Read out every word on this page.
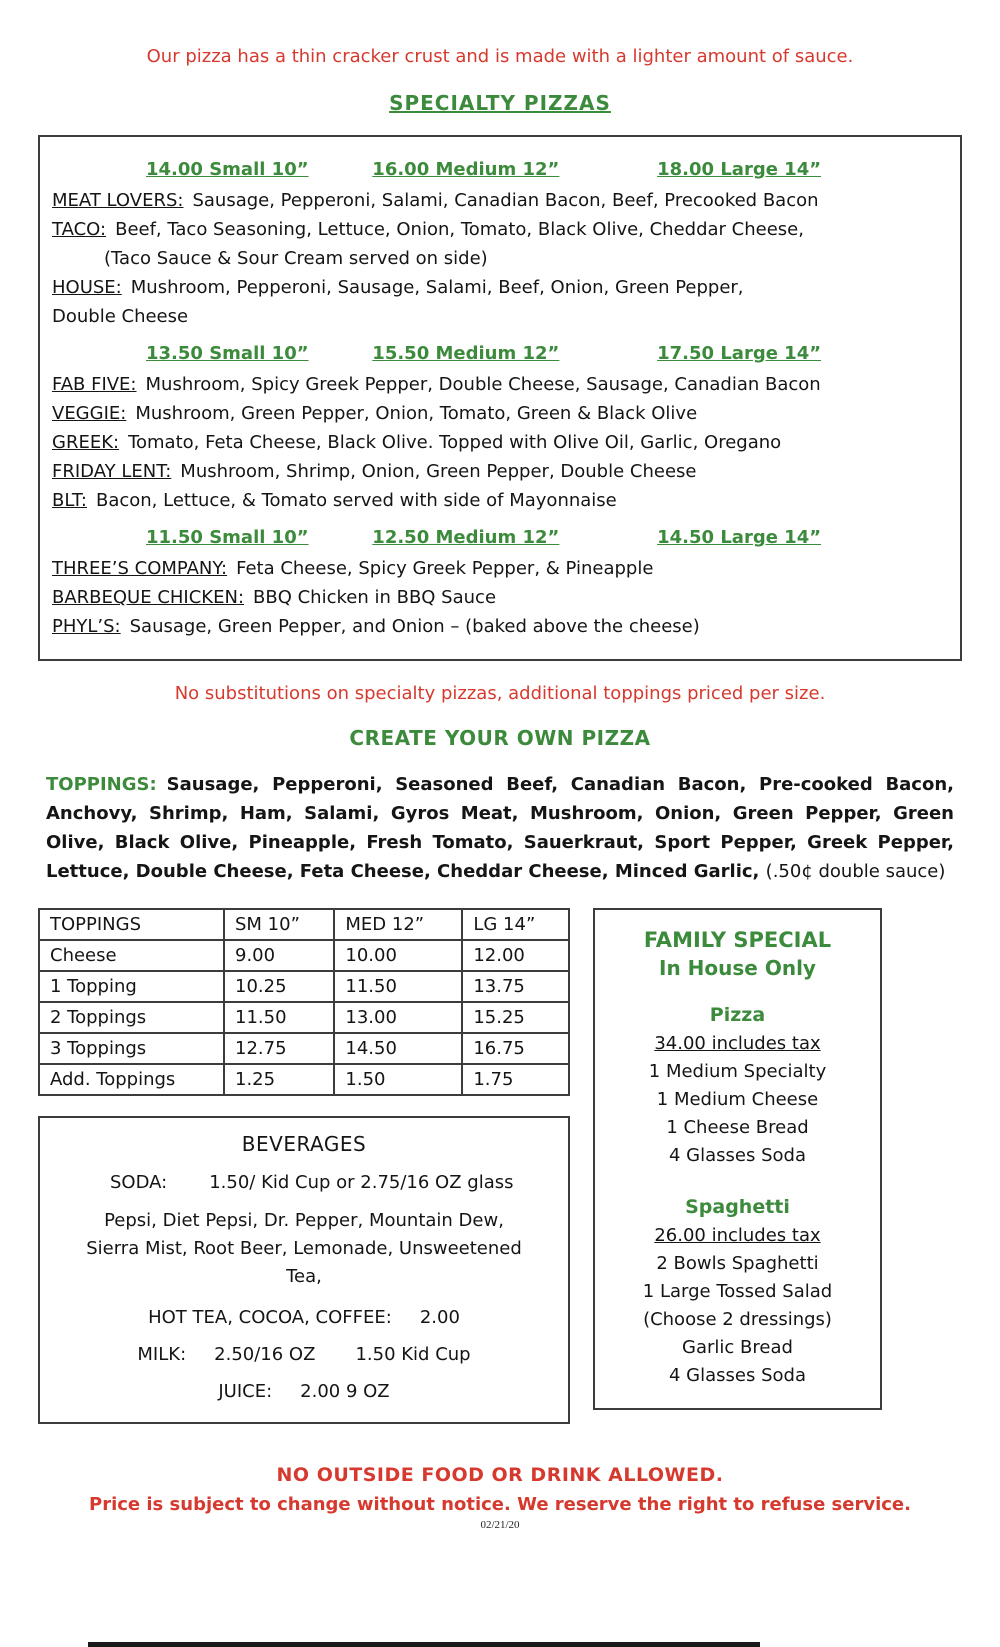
Our pizza has a thin cracker crust and is made with a lighter amount of sauce.

SPECIALTY PIZZAS
14.00 Small 10”	16.00 Medium 12”	18.00 Large 14”

MEAT LOVERS: Sausage, Pepperoni, Salami, Canadian Bacon, Beef, Precooked Bacon

TACO: Beef, Taco Seasoning, Lettuce, Onion, Tomato, Black Olive, Cheddar Cheese,

(Taco Sauce & Sour Cream served on side)

HOUSE: Mushroom, Pepperoni, Sausage, Salami, Beef, Onion, Green Pepper,

Double Cheese

13.50 Small 10”	15.50 Medium 12”	17.50 Large 14”

FAB FIVE: Mushroom, Spicy Greek Pepper, Double Cheese, Sausage, Canadian Bacon

VEGGIE: Mushroom, Green Pepper, Onion, Tomato, Green & Black Olive

GREEK: Tomato, Feta Cheese, Black Olive. Topped with Olive Oil, Garlic, Oregano

FRIDAY LENT: Mushroom, Shrimp, Onion, Green Pepper, Double Cheese

BLT: Bacon, Lettuce, & Tomato served with side of Mayonnaise

11.50 Small 10”	12.50 Medium 12”	14.50 Large 14”

THREE’S COMPANY: Feta Cheese, Spicy Greek Pepper, & Pineapple

BARBEQUE CHICKEN: BBQ Chicken in BBQ Sauce

PHYL’S: Sausage, Green Pepper, and Onion – (baked above the cheese)

No substitutions on specialty pizzas, additional toppings priced per size.

CREATE YOUR OWN PIZZA

TOPPINGS: Sausage, Pepperoni, Seasoned Beef, Canadian Bacon, Pre-cooked Bacon, Anchovy, Shrimp, Ham, Salami, Gyros Meat, Mushroom, Onion, Green Pepper, Green Olive, Black Olive, Pineapple, Fresh Tomato, Sauerkraut, Sport Pepper, Greek Pepper, Lettuce, Double Cheese, Feta Cheese, Cheddar Cheese, Minced Garlic, (.50¢ double sauce)

TOPPINGS	SM 10”	MED 12”	LG 14”
Cheese	9.00	10.00	12.00
1 Topping	10.25	11.50	13.75
2 Toppings	11.50	13.00	15.25
3 Toppings	12.75	14.50	16.75
Add. Toppings	1.25	1.50	1.75
BEVERAGES

SODA: 1.50/ Kid Cup or 2.75/16 OZ glass

Pepsi, Diet Pepsi, Dr. Pepper, Mountain Dew, Sierra Mist, Root Beer, Lemonade, Unsweetened Tea,

HOT TEA, COCOA, COFFEE: 2.00

MILK: 2.50/16 OZ 1.50 Kid Cup

JUICE: 2.00 9 OZ

FAMILY SPECIAL
In House Only
Pizza
34.00 includes tax
1 Medium Specialty
1 Medium Cheese
1 Cheese Bread
4 Glasses Soda
Spaghetti
26.00 includes tax
2 Bowls Spaghetti
1 Large Tossed Salad
(Choose 2 dressings)
Garlic Bread
4 Glasses Soda

NO OUTSIDE FOOD OR DRINK ALLOWED.

Price is subject to change without notice. We reserve the right to refuse service.

02/21/20
